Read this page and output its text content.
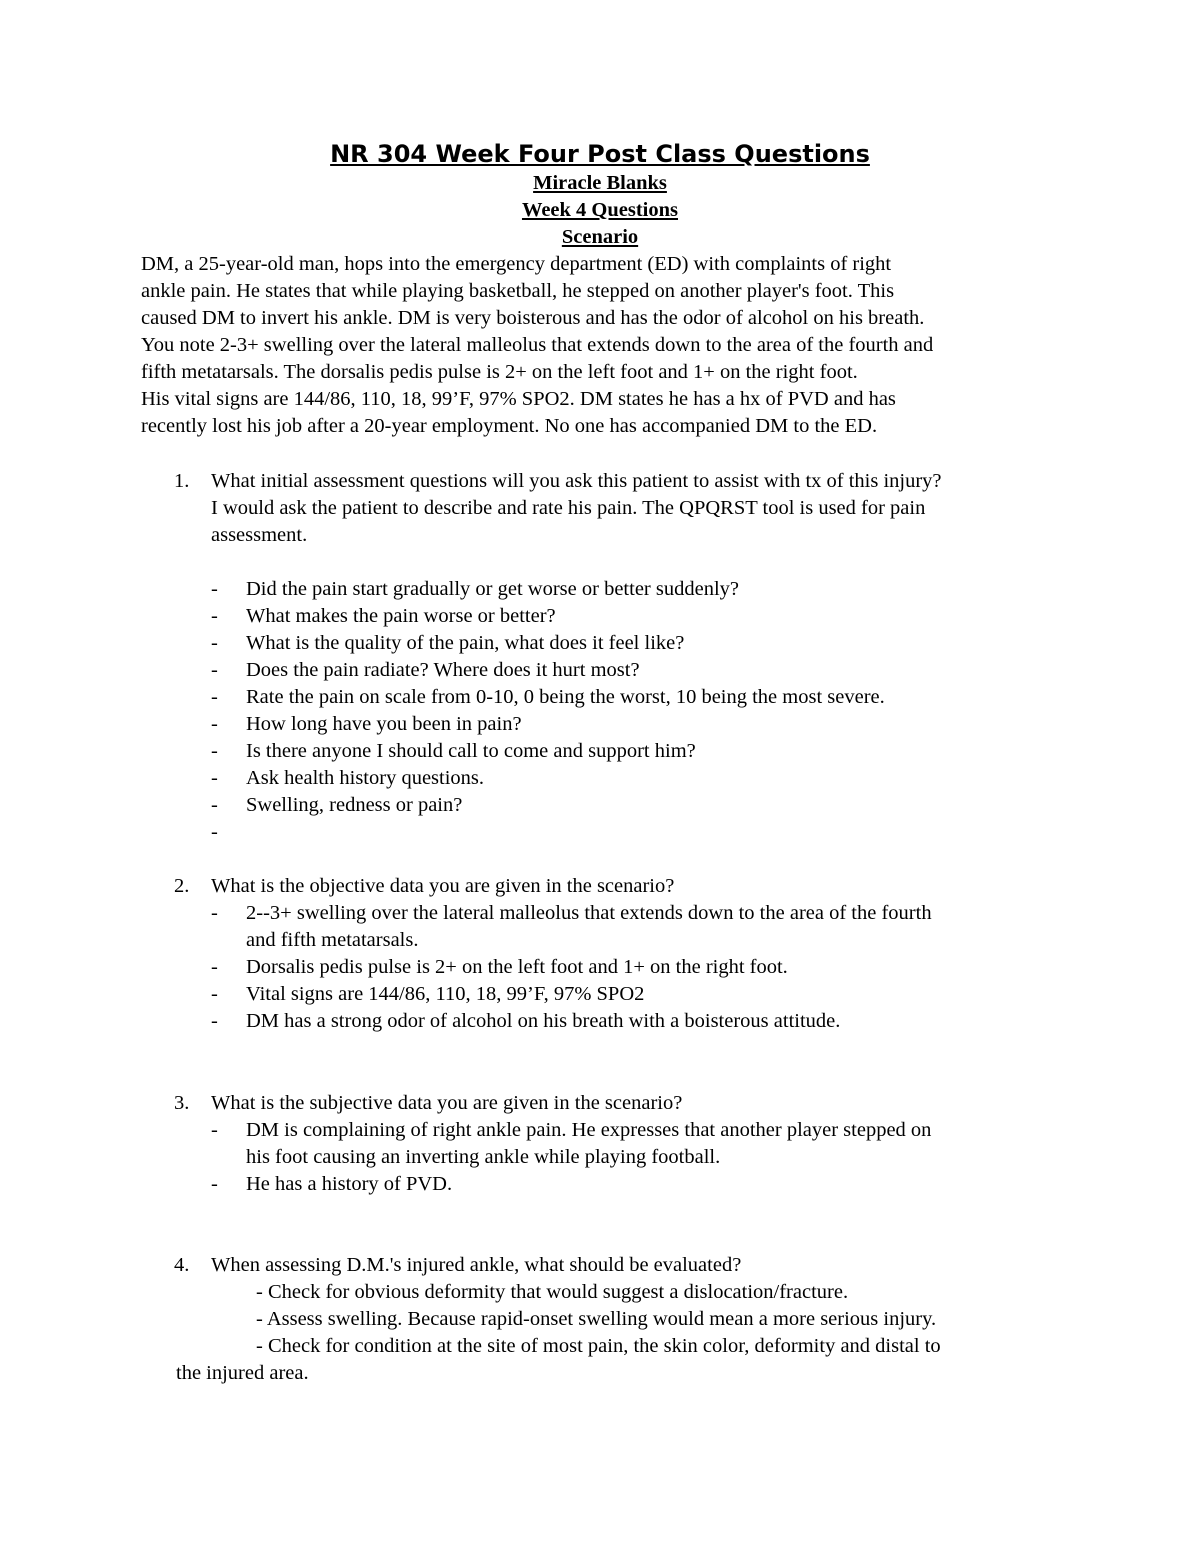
NR 304 Week Four Post Class Questions
Miracle Blanks
Week 4 Questions
Scenario
DM, a 25-year-old man, hops into the emergency department (ED) with complaints of right
ankle pain. He states that while playing basketball, he stepped on another player's foot. This
caused DM to invert his ankle. DM is very boisterous and has the odor of alcohol on his breath.
You note 2-3+ swelling over the lateral malleolus that extends down to the area of the fourth and
fifth metatarsals. The dorsalis pedis pulse is 2+ on the left foot and 1+ on the right foot.
His vital signs are 144/86, 110, 18, 99’F, 97% SPO2. DM states he has a hx of PVD and has
recently lost his job after a 20-year employment. No one has accompanied DM to the ED.
1.	What initial assessment questions will you ask this patient to assist with tx of this injury?
I would ask the patient to describe and rate his pain. The QPQRST tool is used for pain
assessment.
-	Did the pain start gradually or get worse or better suddenly?
-	What makes the pain worse or better?
-	What is the quality of the pain, what does it feel like?
-	Does the pain radiate? Where does it hurt most?
-	Rate the pain on scale from 0-10, 0 being the worst, 10 being the most severe.
-	How long have you been in pain?
-	Is there anyone I should call to come and support him?
-	Ask health history questions.
-	Swelling, redness or pain?
-
2.	What is the objective data you are given in the scenario?
-	2--3+ swelling over the lateral malleolus that extends down to the area of the fourth
and fifth metatarsals.
-	Dorsalis pedis pulse is 2+ on the left foot and 1+ on the right foot.
-	Vital signs are 144/86, 110, 18, 99’F, 97% SPO2
-	DM has a strong odor of alcohol on his breath with a boisterous attitude.
3.	What is the subjective data you are given in the scenario?
-	DM is complaining of right ankle pain. He expresses that another player stepped on
his foot causing an inverting ankle while playing football.
-	He has a history of PVD.
4.	When assessing D.M.'s injured ankle, what should be evaluated?
- Check for obvious deformity that would suggest a dislocation/fracture.
- Assess swelling. Because rapid-onset swelling would mean a more serious injury.
- Check for condition at the site of most pain, the skin color, deformity and distal to
the injured area.
